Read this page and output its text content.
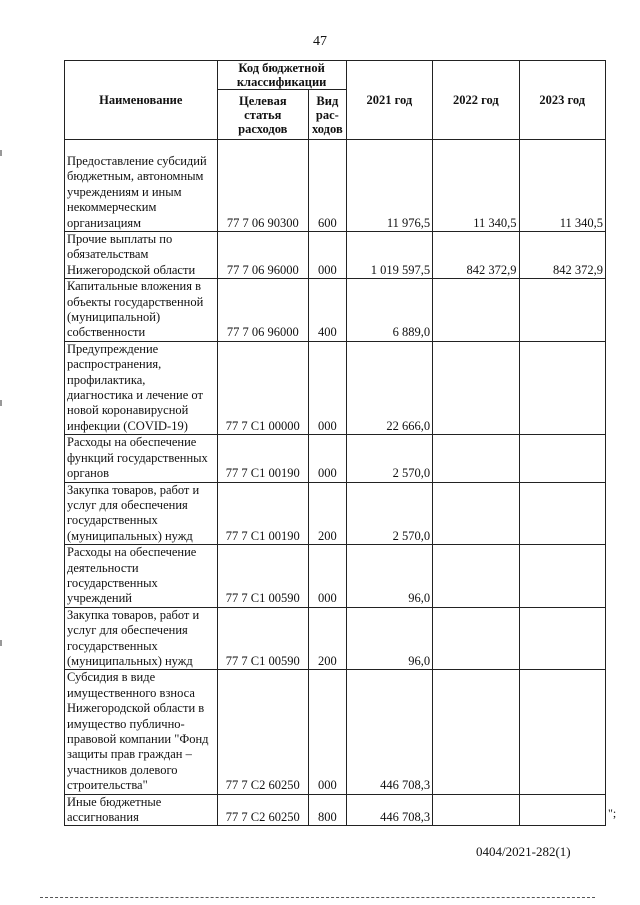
47
Наименование	Код бюджетной классификации		2021 год	2022 год	2023 год
	Целевая статья расходов	Вид рас-ходов			
Предоставление субсидий бюджетным, автономным учреждениям и иным некоммерческим организациям	77 7 06 90300	600	11 976,5	11 340,5	11 340,5
Прочие выплаты по обязательствам Нижегородской области	77 7 06 96000	000	1 019 597,5	842 372,9	842 372,9
Капитальные вложения в объекты государственной (муниципальной) собственности	77 7 06 96000	400	6 889,0		
Предупреждение распространения, профилактика, диагностика и лечение от новой коронавирусной инфекции (COVID-19)	77 7 C1 00000	000	22 666,0		
Расходы на обеспечение функций государственных органов	77 7 C1 00190	000	2 570,0		
Закупка товаров, работ и услуг для обеспечения государственных (муниципальных) нужд	77 7 C1 00190	200	2 570,0		
Расходы на обеспечение деятельности государственных учреждений	77 7 C1 00590	000	96,0		
Закупка товаров, работ и услуг для обеспечения государственных (муниципальных) нужд	77 7 C1 00590	200	96,0		
Субсидия в виде имущественного взноса Нижегородской области в имущество публично-правовой компании "Фонд защиты прав граждан – участников долевого строительства"	77 7 C2 60250	000	446 708,3		
Иные бюджетные ассигнования	77 7 C2 60250	800	446 708,3			";
0404/2021-282(1)
